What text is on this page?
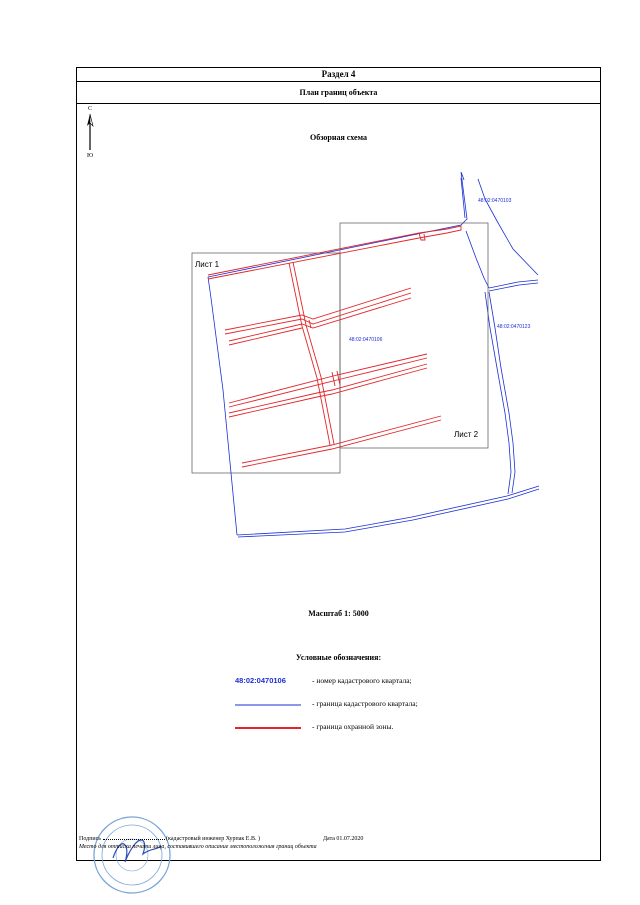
Раздел 4
План границ объекта
С
Ю
Обзорная схема
Лист 1
Лист 2
48:02:0470103
48:02:0470123
48:02:0470106
Масштаб 1: 5000
Условные обозначения:
48:02:0470106	- номер кадастрового квартала;
- граница кадастрового квартала;
- граница охранной зоны.
Подпись	(кадастровый инженер Хурпак Е.В. )	Дата 01.07.2020
Место для оттиска печати лица, составившего описание местоположения границ объекта
